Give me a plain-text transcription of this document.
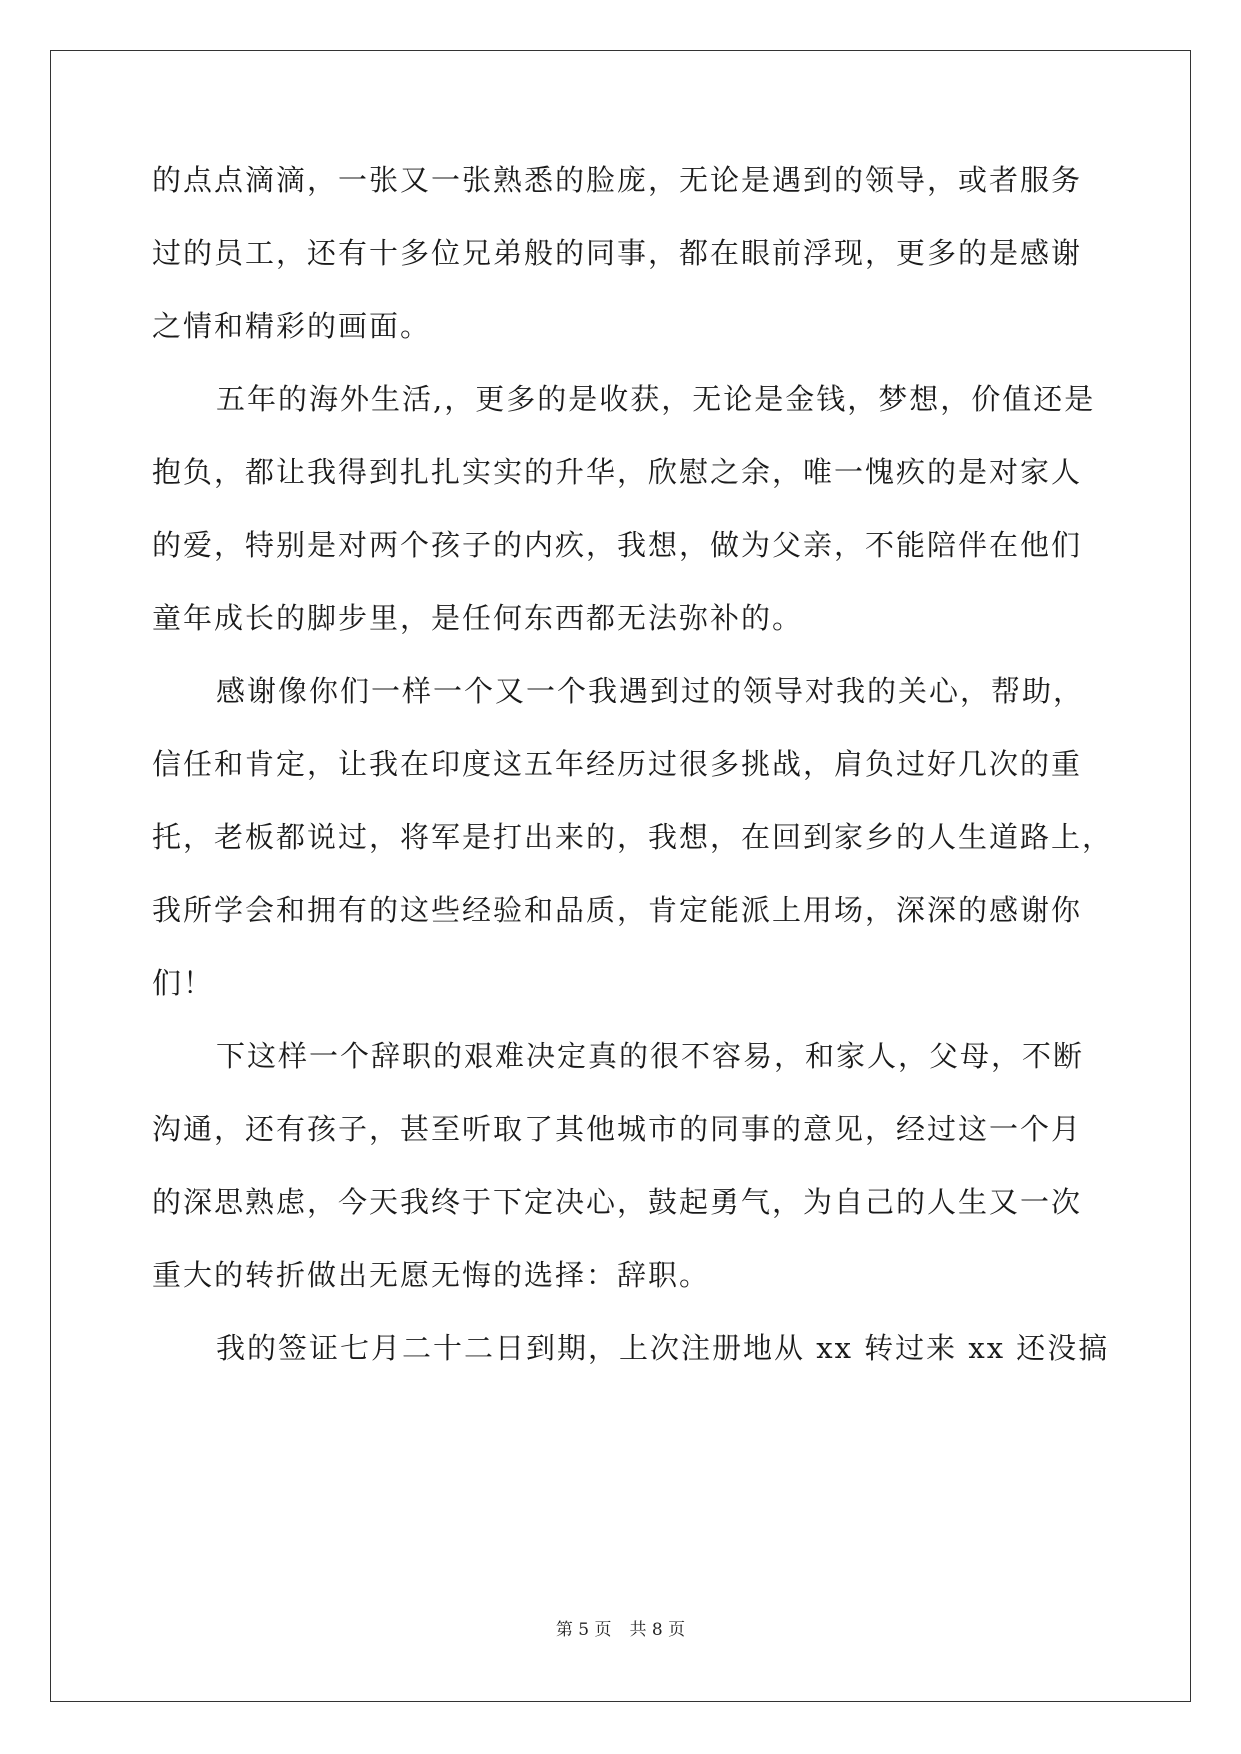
的点点滴滴，一张又一张熟悉的脸庞，无论是遇到的领导，或者服务
过的员工，还有十多位兄弟般的同事，都在眼前浮现，更多的是感谢
之情和精彩的画面。
五年的海外生活,，更多的是收获，无论是金钱，梦想，价值还是
抱负，都让我得到扎扎实实的升华，欣慰之余，唯一愧疚的是对家人
的爱，特别是对两个孩子的内疚，我想，做为父亲，不能陪伴在他们
童年成长的脚步里，是任何东西都无法弥补的。
感谢像你们一样一个又一个我遇到过的领导对我的关心，帮助，
信任和肯定，让我在印度这五年经历过很多挑战，肩负过好几次的重
托，老板都说过，将军是打出来的，我想，在回到家乡的人生道路上，
我所学会和拥有的这些经验和品质，肯定能派上用场，深深的感谢你
们！
下这样一个辞职的艰难决定真的很不容易，和家人，父母，不断
沟通，还有孩子，甚至听取了其他城市的同事的意见，经过这一个月
的深思熟虑，今天我终于下定决心，鼓起勇气，为自己的人生又一次
重大的转折做出无愿无悔的选择：辞职。
我的签证七月二十二日到期，上次注册地从 xx 转过来 xx 还没搞
第 5 页 共 8 页
